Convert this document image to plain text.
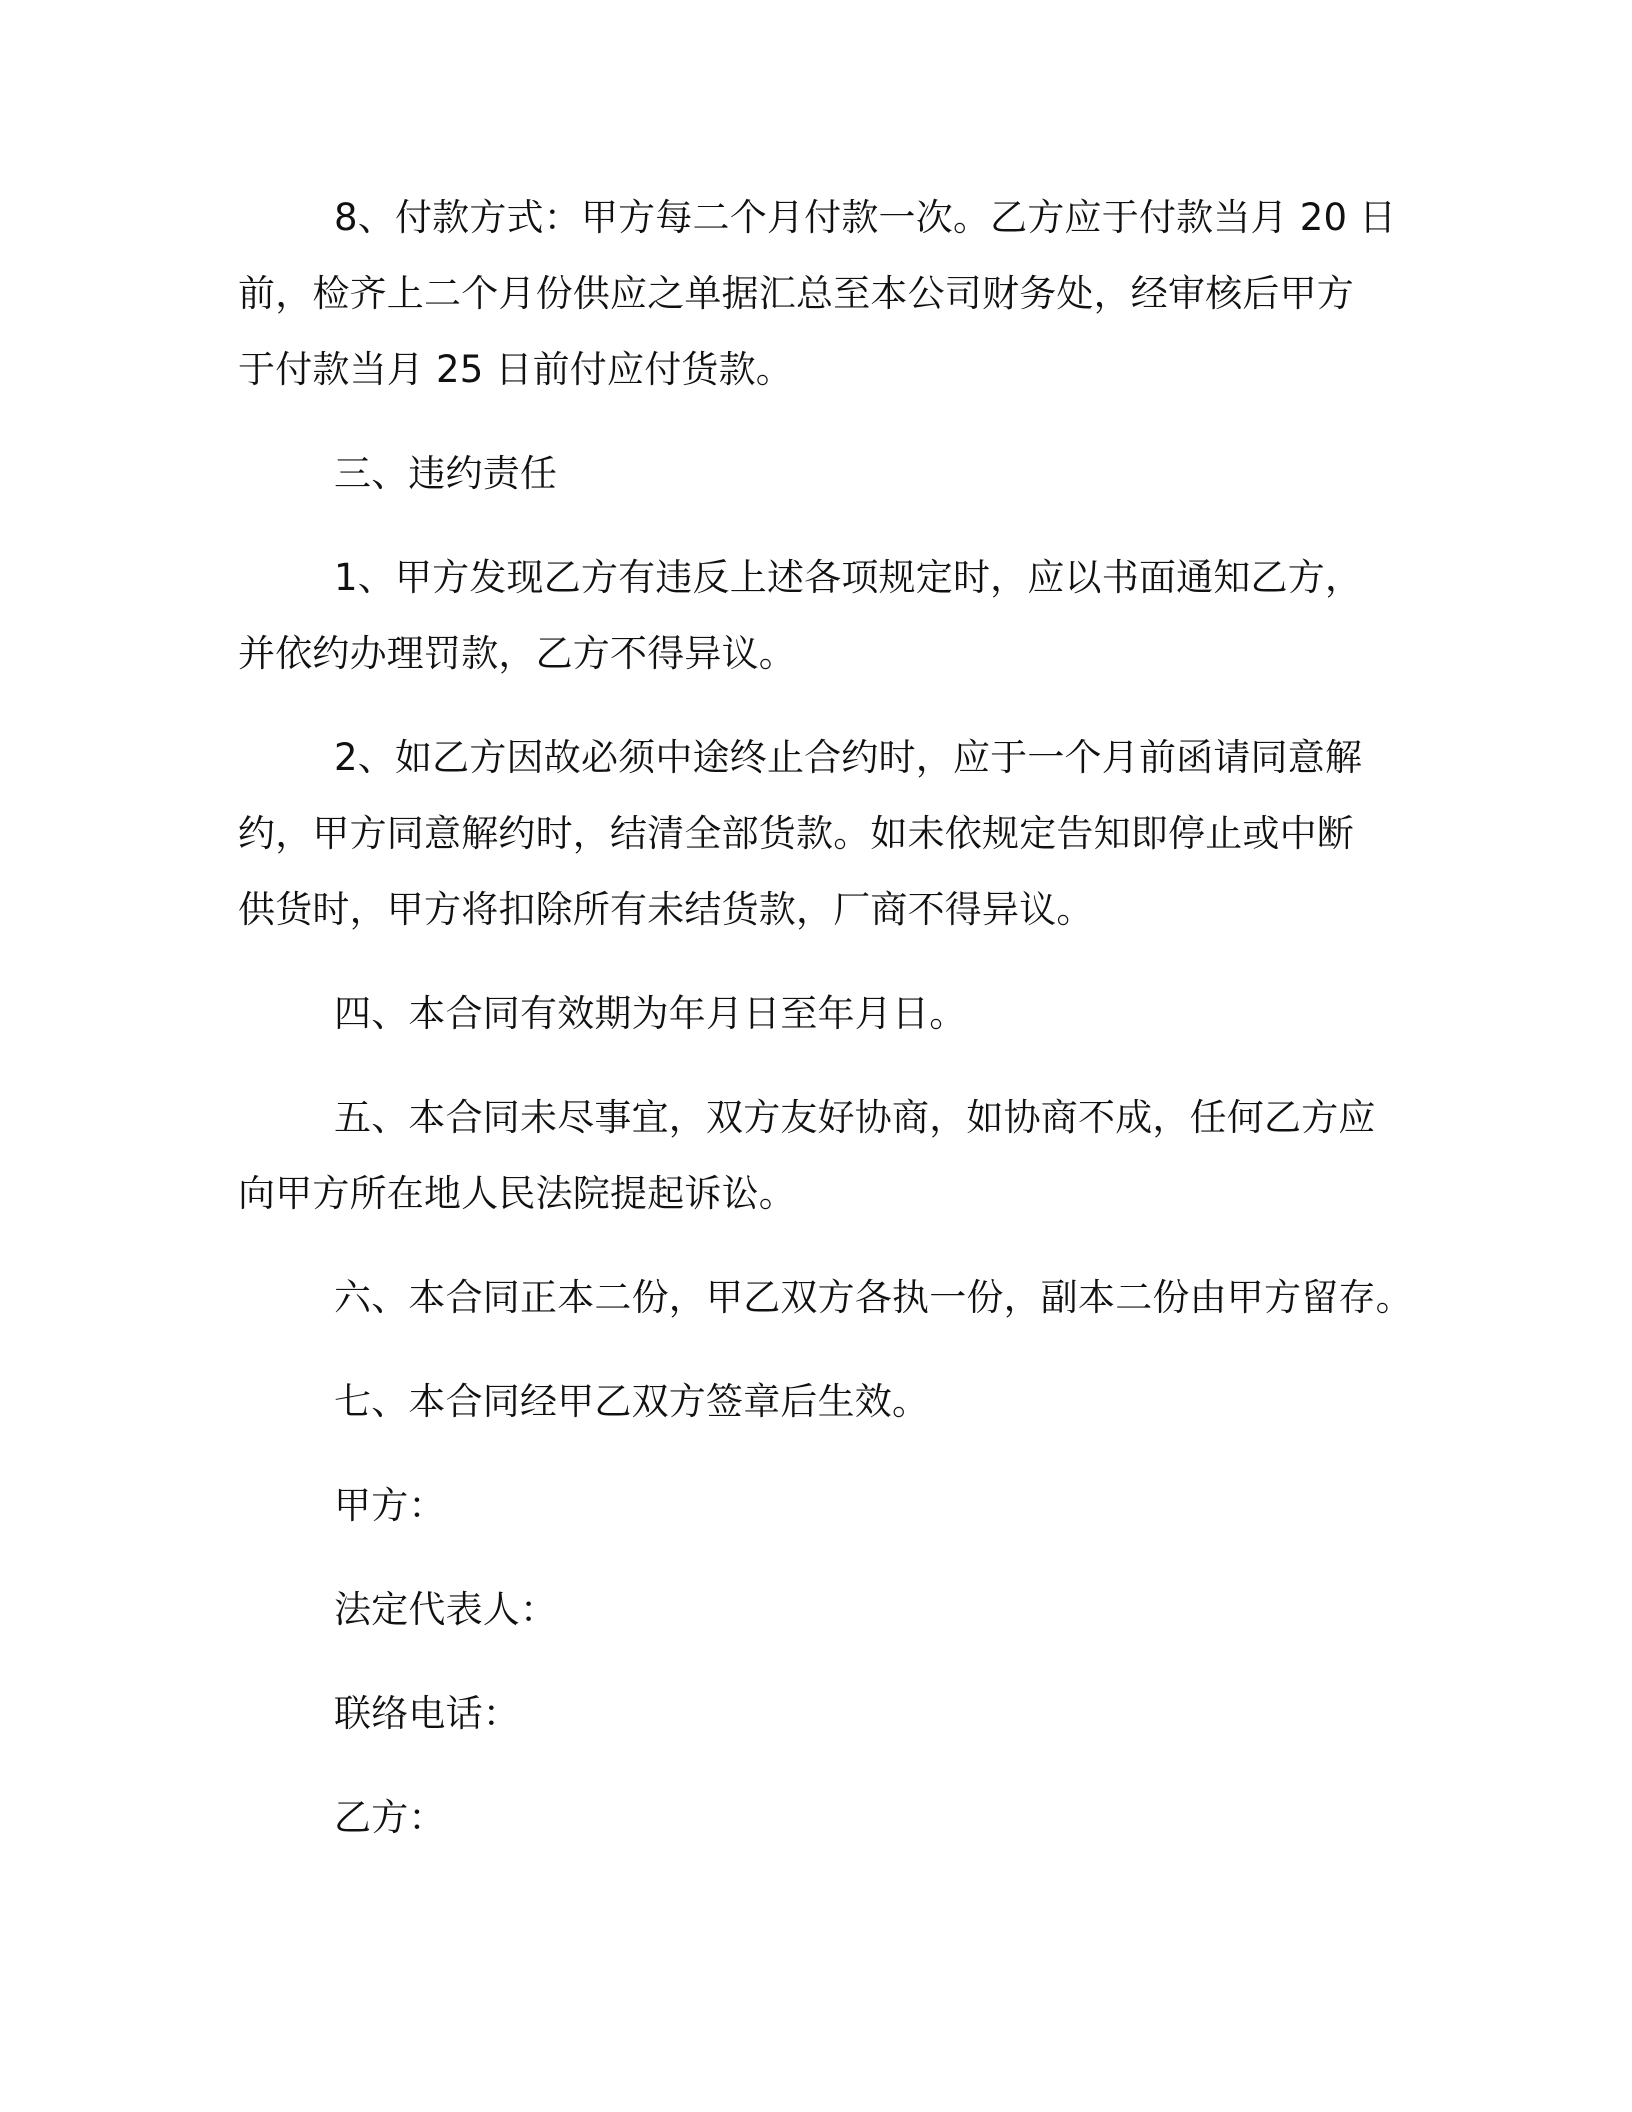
8、付款方式：甲方每二个月付款一次。乙方应于付款当月 20 日

前，检齐上二个月份供应之单据汇总至本公司财务处，经审核后甲方

于付款当月 25 日前付应付货款。

三、违约责任

1、甲方发现乙方有违反上述各项规定时，应以书面通知乙方，

并依约办理罚款，乙方不得异议。

2、如乙方因故必须中途终止合约时，应于一个月前函请同意解

约，甲方同意解约时，结清全部货款。如未依规定告知即停止或中断

供货时，甲方将扣除所有未结货款，厂商不得异议。

四、本合同有效期为年月日至年月日。

五、本合同未尽事宜，双方友好协商，如协商不成，任何乙方应

向甲方所在地人民法院提起诉讼。

六、本合同正本二份，甲乙双方各执一份，副本二份由甲方留存。

七、本合同经甲乙双方签章后生效。

甲方：

法定代表人：

联络电话：

乙方：
